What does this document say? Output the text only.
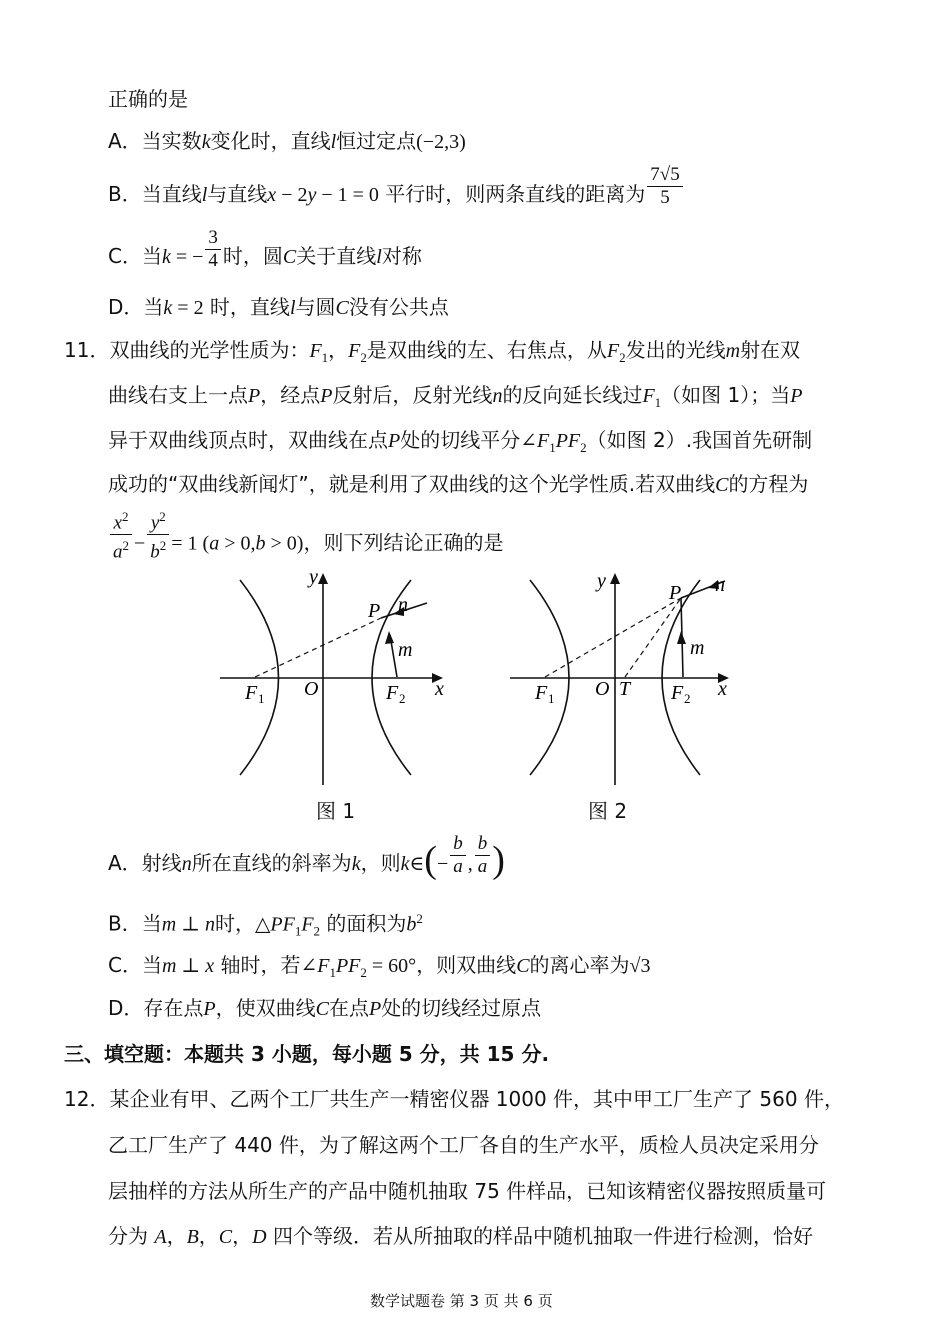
正确的是
A．当实数k变化时，直线l恒过定点(−2,3)
B．当直线l与直线x − 2y − 1 = 0 平行时，则两条直线的距离为 $\frac{7√5}{5}$
C．当k = − $\frac{3}{4}$ 时，圆C关于直线l对称
D．当k = 2 时，直线l与圆C没有公共点
11．双曲线的光学性质为：$F_1$，$F_2$是双曲线的左、右焦点，从$F_2$发出的光线m射在双
曲线右支上一点P，经点P反射后，反射光线n的反向延长线过$F_1$（如图 1）；当P
异于双曲线顶点时，双曲线在点P处的切线平分$\angle F_1PF_2$（如图 2）.我国首先研制
成功的“双曲线新闻灯”，就是利用了双曲线的这个光学性质.若双曲线C的方程为
$\frac{x^2}{a^2} - \frac{y^2}{b^2} = 1$ (a > 0,b > 0)，则下列结论正确的是
P n
m
F 1 O	F 2 x
y
P n
m
F 1 O T F 2 x
y
图 1	图 2
A．射线n所在直线的斜率为k，则k∈(− $\frac{b}{a}$ , $\frac{b}{a}$ )
B．当m ⊥ n时，$\triangle PF_1F_2$ 的面积为$b^2$
C．当m ⊥ x 轴时，若$\angle F_1PF_2 = 60^\circ$，则双曲线C的离心率为√3
D．存在点P，使双曲线C在点P处的切线经过原点
三、填空题：本题共 3 小题，每小题 5 分，共 15 分.
12．某企业有甲、乙两个工厂共生产一精密仪器 1000 件，其中甲工厂生产了 560 件，
乙工厂生产了 440 件，为了解这两个工厂各自的生产水平，质检人员决定采用分
层抽样的方法从所生产的产品中随机抽取 75 件样品，已知该精密仪器按照质量可
分为 A，B，C，D 四个等级．若从所抽取的样品中随机抽取一件进行检测，恰好
数学试题卷 第 3 页 共 6 页
